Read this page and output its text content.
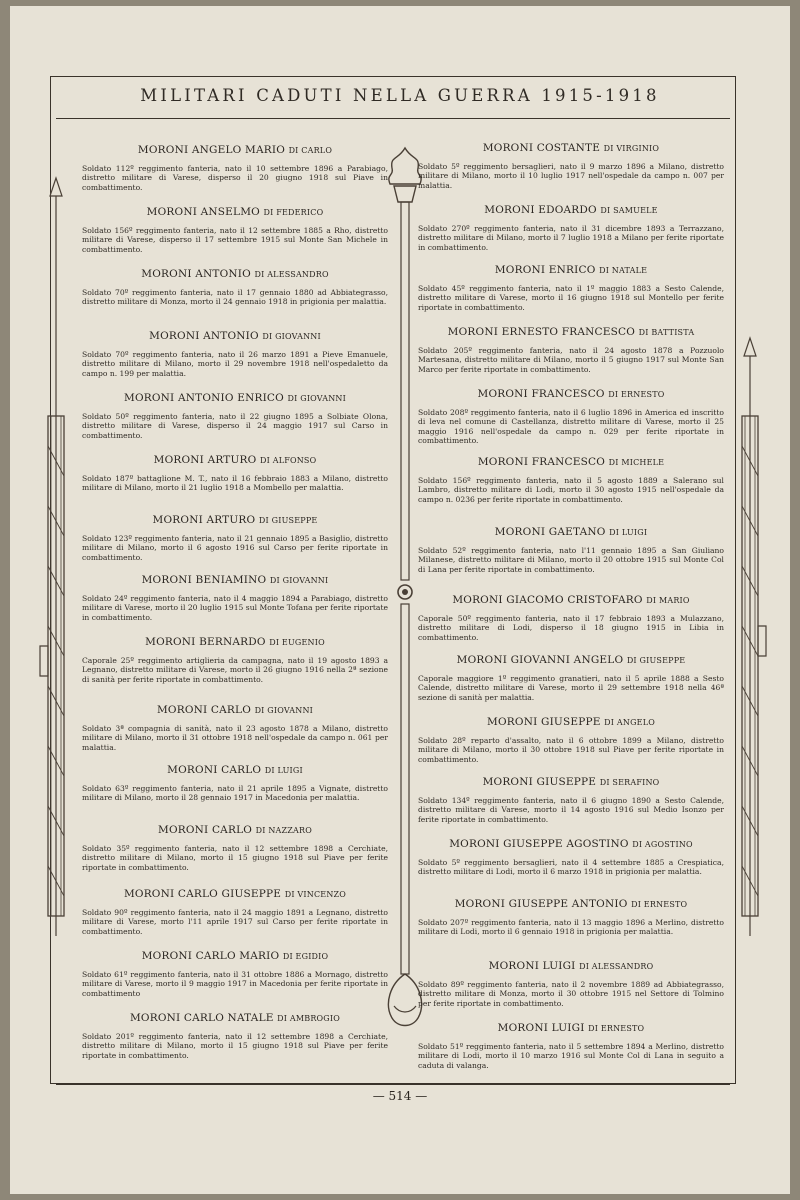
MILITARI CADUTI NELLA GUERRA 1915-1918
MORONI ANGELO MARIO DI CARLO
Soldato 112º reggimento fanteria, nato il 10 settembre 1896 a Parabiago, distretto militare di Varese, disperso il 20 giugno 1918 sul Piave in combattimento.
MORONI ANSELMO DI FEDERICO
Soldato 156º reggimento fanteria, nato il 12 settembre 1885 a Rho, distretto militare di Varese, disperso il 17 settembre 1915 sul Monte San Michele in combattimento.
MORONI ANTONIO DI ALESSANDRO
Soldato 70º reggimento fanteria, nato il 17 gennaio 1880 ad Abbiategrasso, distretto militare di Monza, morto il 24 gennaio 1918 in prigionia per malattia.
MORONI ANTONIO DI GIOVANNI
Soldato 70º reggimento fanteria, nato il 26 marzo 1891 a Pieve Emanuele, distretto militare di Milano, morto il 29 novembre 1918 nell'ospedaletto da campo n. 199 per malattia.
MORONI ANTONIO ENRICO DI GIOVANNI
Soldato 50º reggimento fanteria, nato il 22 giugno 1895 a Solbiate Olona, distretto militare di Varese, disperso il 24 maggio 1917 sul Carso in combattimento.
MORONI ARTURO DI ALFONSO
Soldato 187º battaglione M. T., nato il 16 febbraio 1883 a Milano, distretto militare di Milano, morto il 21 luglio 1918 a Mombello per malattia.
MORONI ARTURO DI GIUSEPPE
Soldato 123º reggimento fanteria, nato il 21 gennaio 1895 a Basiglio, distretto militare di Milano, morto il 6 agosto 1916 sul Carso per ferite riportate in combattimento.
MORONI BENIAMINO DI GIOVANNI
Soldato 24º reggimento fanteria, nato il 4 maggio 1894 a Parabiago, distretto militare di Varese, morto il 20 luglio 1915 sul Monte Tofana per ferite riportate in combattimento.
MORONI BERNARDO DI EUGENIO
Caporale 25º reggimento artiglieria da campagna, nato il 19 agosto 1893 a Legnano, distretto militare di Varese, morto il 26 giugno 1916 nella 2ª sezione di sanità per ferite riportate in combattimento.
MORONI CARLO DI GIOVANNI
Soldato 3ª compagnia di sanità, nato il 23 agosto 1878 a Milano, distretto militare di Milano, morto il 31 ottobre 1918 nell'ospedale da campo n. 061 per malattia.
MORONI CARLO DI LUIGI
Soldato 63º reggimento fanteria, nato il 21 aprile 1895 a Vignate, distretto militare di Milano, morto il 28 gennaio 1917 in Macedonia per malattia.
MORONI CARLO DI NAZZARO
Soldato 35º reggimento fanteria, nato il 12 settembre 1898 a Cerchiate, distretto militare di Milano, morto il 15 giugno 1918 sul Piave per ferite riportate in combattimento.
MORONI CARLO GIUSEPPE DI VINCENZO
Soldato 90º reggimento fanteria, nato il 24 maggio 1891 a Legnano, distretto militare di Varese, morto l'11 aprile 1917 sul Carso per ferite riportate in combattimento.
MORONI CARLO MARIO DI EGIDIO
Soldato 61º reggimento fanteria, nato il 31 ottobre 1886 a Mornago, distretto militare di Varese, morto il 9 maggio 1917 in Macedonia per ferite riportate in combattimento
MORONI CARLO NATALE DI AMBROGIO
Soldato 201º reggimento fanteria, nato il 12 settembre 1898 a Cerchiate, distretto militare di Milano, morto il 15 giugno 1918 sul Piave per ferite riportate in combattimento.
MORONI COSTANTE DI VIRGINIO
Soldato 5º reggimento bersaglieri, nato il 9 marzo 1896 a Milano, distretto militare di Milano, morto il 10 luglio 1917 nell'ospedale da campo n. 007 per malattia.
MORONI EDOARDO DI SAMUELE
Soldato 270º reggimento fanteria, nato il 31 dicembre 1893 a Terrazzano, distretto militare di Milano, morto il 7 luglio 1918 a Milano per ferite riportate in combattimento.
MORONI ENRICO DI NATALE
Soldato 45º reggimento fanteria, nato il 1º maggio 1883 a Sesto Calende, distretto militare di Varese, morto il 16 giugno 1918 sul Montello per ferite riportate in combattimento.
MORONI ERNESTO FRANCESCO DI BATTISTA
Soldato 205º reggimento fanteria, nato il 24 agosto 1878 a Pozzuolo Martesana, distretto militare di Milano, morto il 5 giugno 1917 sul Monte San Marco per ferite riportate in combattimento.
MORONI FRANCESCO DI ERNESTO
Soldato 208º reggimento fanteria, nato il 6 luglio 1896 in America ed inscritto di leva nel comune di Castellanza, distretto militare di Varese, morto il 25 maggio 1916 nell'ospedale da campo n. 029 per ferite riportate in combattimento.
MORONI FRANCESCO DI MICHELE
Soldato 156º reggimento fanteria, nato il 5 agosto 1889 a Salerano sul Lambro, distretto militare di Lodi, morto il 30 agosto 1915 nell'ospedale da campo n. 0236 per ferite riportate in combattimento.
MORONI GAETANO DI LUIGI
Soldato 52º reggimento fanteria, nato l'11 gennaio 1895 a San Giuliano Milanese, distretto militare di Milano, morto il 20 ottobre 1915 sul Monte Col di Lana per ferite riportate in combattimento.
MORONI GIACOMO CRISTOFARO DI MARIO
Caporale 50º reggimento fanteria, nato il 17 febbraio 1893 a Mulazzano, distretto militare di Lodi, disperso il 18 giugno 1915 in Libia in combattimento.
MORONI GIOVANNI ANGELO DI GIUSEPPE
Caporale maggiore 1º reggimento granatieri, nato il 5 aprile 1888 a Sesto Calende, distretto militare di Varese, morto il 29 settembre 1918 nella 46ª sezione di sanità per malattia.
MORONI GIUSEPPE DI ANGELO
Soldato 28º reparto d'assalto, nato il 6 ottobre 1899 a Milano, distretto militare di Milano, morto il 30 ottobre 1918 sul Piave per ferite riportate in combattimento.
MORONI GIUSEPPE DI SERAFINO
Soldato 134º reggimento fanteria, nato il 6 giugno 1890 a Sesto Calende, distretto militare di Varese, morto il 14 agosto 1916 sul Medio Isonzo per ferite riportate in combattimento.
MORONI GIUSEPPE AGOSTINO DI AGOSTINO
Soldato 5º reggimento bersaglieri, nato il 4 settembre 1885 a Crespiatica, distretto militare di Lodi, morto il 6 marzo 1918 in prigionia per malattia.
MORONI GIUSEPPE ANTONIO DI ERNESTO
Soldato 207º reggimento fanteria, nato il 13 maggio 1896 a Merlino, distretto militare di Lodi, morto il 6 gennaio 1918 in prigionia per malattia.
MORONI LUIGI DI ALESSANDRO
Soldato 89º reggimento fanteria, nato il 2 novembre 1889 ad Abbiategrasso, distretto militare di Monza, morto il 30 ottobre 1915 nel Settore di Tolmino per ferite riportate in combattimento.
MORONI LUIGI DI ERNESTO
Soldato 51º reggimento fanteria, nato il 5 settembre 1894 a Merlino, distretto militare di Lodi, morto il 10 marzo 1916 sul Monte Col di Lana in seguito a caduta di valanga.
— 514 —
